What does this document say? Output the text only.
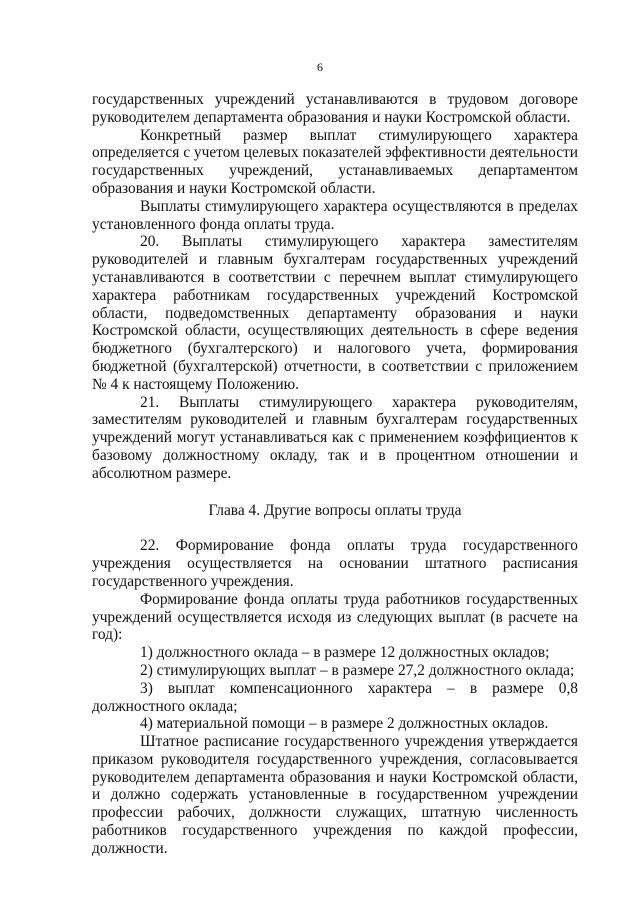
6

государственных учреждений устанавливаются в трудовом договоре руководителем департамента образования и науки Костромской области.

Конкретный размер выплат стимулирующего характера определяется с учетом целевых показателей эффективности деятельности государственных учреждений, устанавливаемых департаментом образования и науки Костромской области.

Выплаты стимулирующего характера осуществляются в пределах установленного фонда оплаты труда.

20. Выплаты стимулирующего характера заместителям руководителей и главным бухгалтерам государственных учреждений устанавливаются в соответствии с перечнем выплат стимулирующего характера работникам государственных учреждений Костромской области, подведомственных департаменту образования и науки Костромской области, осуществляющих деятельность в сфере ведения бюджетного (бухгалтерского) и налогового учета, формирования бюджетной (бухгалтерской) отчетности, в соответствии с приложением № 4 к настоящему Положению.

21. Выплаты стимулирующего характера руководителям, заместителям руководителей и главным бухгалтерам государственных учреждений могут устанавливаться как с применением коэффициентов к базовому должностному окладу, так и в процентном отношении и абсолютном размере.

Глава 4. Другие вопросы оплаты труда

22. Формирование фонда оплаты труда государственного учреждения осуществляется на основании штатного расписания государственного учреждения.

Формирование фонда оплаты труда работников государственных учреждений осуществляется исходя из следующих выплат (в расчете на год):

1) должностного оклада – в размере 12 должностных окладов;

2) стимулирующих выплат – в размере 27,2 должностного оклада;

3) выплат компенсационного характера – в размере 0,8 должностного оклада;

4) материальной помощи – в размере 2 должностных окладов.

Штатное расписание государственного учреждения утверждается приказом руководителя государственного учреждения, согласовывается руководителем департамента образования и науки Костромской области, и должно содержать установленные в государственном учреждении профессии рабочих, должности служащих, штатную численность работников государственного учреждения по каждой профессии, должности.
